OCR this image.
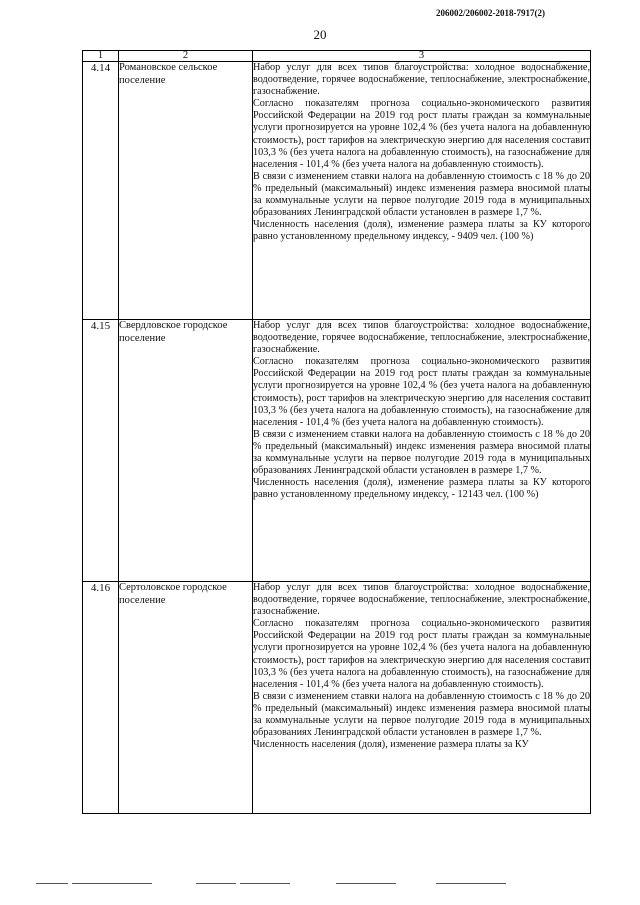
206002/206002-2018-7917(2)
20
1	2	3
4.14	Романовское сельское поселение	Набор услуг для всех типов благоустройства: холодное водоснабжение, водоотведение, горячее водоснабжение, теплоснабжение, электроснабжение, газоснабжение.

Согласно показателям прогноза социально-экономического развития Российской Федерации на 2019 год рост платы граждан за коммунальные услуги прогнозируется на уровне 102,4 % (без учета налога на добавленную стоимость), рост тарифов на электрическую энергию для населения составит 103,3 % (без учета налога на добавленную стоимость), на газоснабжение для населения - 101,4 % (без учета налога на добавленную стоимость).

В связи с изменением ставки налога на добавленную стоимость с 18 % до 20 % предельный (максимальный) индекс изменения размера вносимой платы за коммунальные услуги на первое полугодие 2019 года в муниципальных образованиях Ленинградской области установлен в размере 1,7 %.

Численность населения (доля), изменение размера платы за КУ которого равно установленному предельному индексу, - 9409 чел. (100 %)

4.15	Свердловское городское поселение	Набор услуг для всех типов благоустройства: холодное водоснабжение, водоотведение, горячее водоснабжение, теплоснабжение, электроснабжение, газоснабжение.

Согласно показателям прогноза социально-экономического развития Российской Федерации на 2019 год рост платы граждан за коммунальные услуги прогнозируется на уровне 102,4 % (без учета налога на добавленную стоимость), рост тарифов на электрическую энергию для населения составит 103,3 % (без учета налога на добавленную стоимость), на газоснабжение для населения - 101,4 % (без учета налога на добавленную стоимость).

В связи с изменением ставки налога на добавленную стоимость с 18 % до 20 % предельный (максимальный) индекс изменения размера вносимой платы за коммунальные услуги на первое полугодие 2019 года в муниципальных образованиях Ленинградской области установлен в размере 1,7 %.

Численность населения (доля), изменение размера платы за КУ которого равно установленному предельному индексу, - 12143 чел. (100 %)

4.16	Сертоловское городское поселение	Набор услуг для всех типов благоустройства: холодное водоснабжение, водоотведение, горячее водоснабжение, теплоснабжение, электроснабжение, газоснабжение.

Согласно показателям прогноза социально-экономического развития Российской Федерации на 2019 год рост платы граждан за коммунальные услуги прогнозируется на уровне 102,4 % (без учета налога на добавленную стоимость), рост тарифов на электрическую энергию для населения составит 103,3 % (без учета налога на добавленную стоимость), на газоснабжение для населения - 101,4 % (без учета налога на добавленную стоимость).

В связи с изменением ставки налога на добавленную стоимость с 18 % до 20 % предельный (максимальный) индекс изменения размера вносимой платы за коммунальные услуги на первое полугодие 2019 года в муниципальных образованиях Ленинградской области установлен в размере 1,7 %.

Численность населения (доля), изменение размера платы за КУ
